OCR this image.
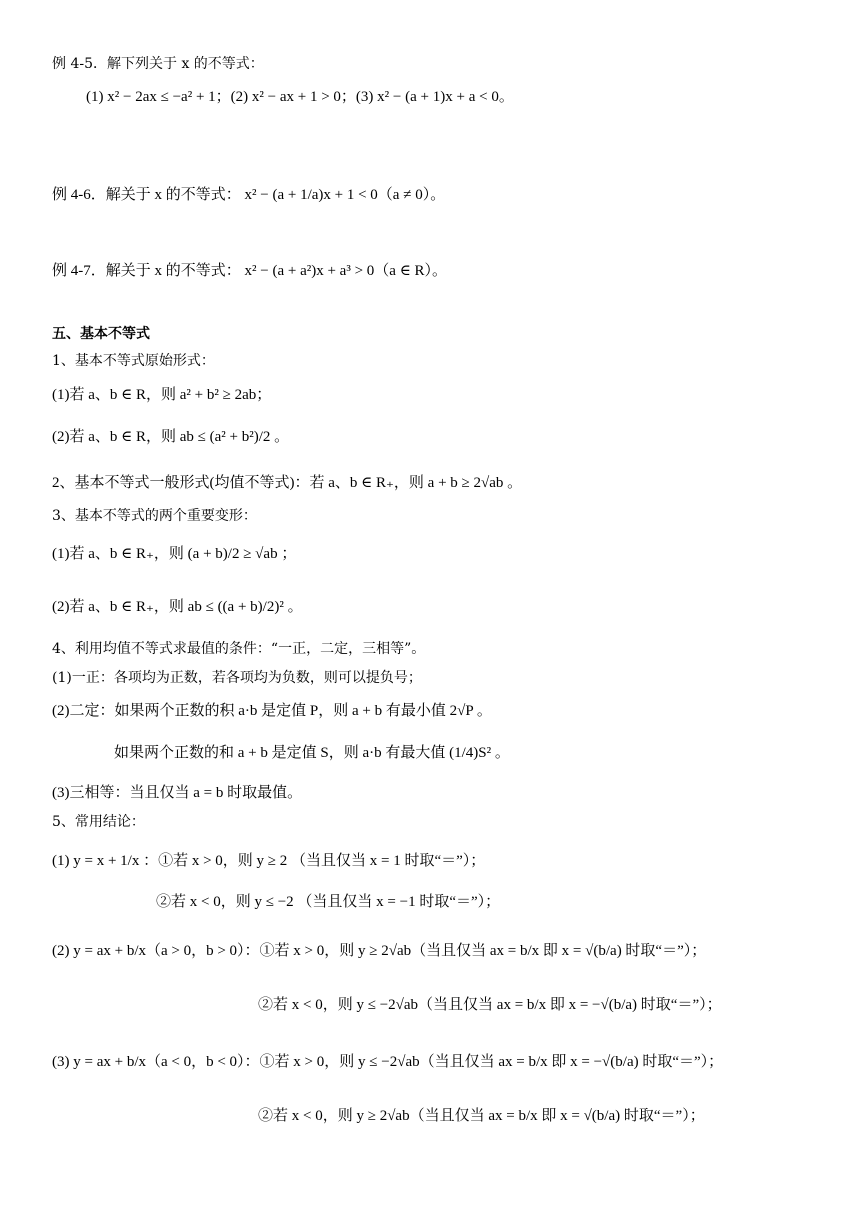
例 4-5．解下列关于 x 的不等式：
(1) x² − 2ax ≤ −a² + 1；(2) x² − ax + 1 > 0；(3) x² − (a + 1)x + a < 0。
例 4-6．解关于 x 的不等式： x² − (a + 1/a)x + 1 < 0（a ≠ 0）。
例 4-7．解关于 x 的不等式： x² − (a + a²)x + a³ > 0（a ∈ R）。
五、基本不等式
1、基本不等式原始形式：
(1)若 a、b ∈ R，则 a² + b² ≥ 2ab；
(2)若 a、b ∈ R，则 ab ≤ (a² + b²)/2 。
2、基本不等式一般形式(均值不等式)：若 a、b ∈ R₊，则 a + b ≥ 2√ab 。
3、基本不等式的两个重要变形：
(1)若 a、b ∈ R₊，则 (a + b)/2 ≥ √ab ；
(2)若 a、b ∈ R₊，则 ab ≤ ((a + b)/2)² 。
4、利用均值不等式求最值的条件：“一正，二定，三相等”。
(1)一正：各项均为正数，若各项均为负数，则可以提负号；
(2)二定：如果两个正数的积 a·b 是定值 P，则 a + b 有最小值 2√P 。
如果两个正数的和 a + b 是定值 S，则 a·b 有最大值 (1/4)S² 。
(3)三相等：当且仅当 a = b 时取最值。
5、常用结论：
(1) y = x + 1/x ：①若 x > 0，则 y ≥ 2 （当且仅当 x = 1 时取“＝”）；
②若 x < 0，则 y ≤ −2 （当且仅当 x = −1 时取“＝”）；
(2) y = ax + b/x（a > 0，b > 0）：①若 x > 0，则 y ≥ 2√ab（当且仅当 ax = b/x 即 x = √(b/a) 时取“＝”）；
②若 x < 0，则 y ≤ −2√ab（当且仅当 ax = b/x 即 x = −√(b/a) 时取“＝”）；
(3) y = ax + b/x（a < 0，b < 0）：①若 x > 0，则 y ≤ −2√ab（当且仅当 ax = b/x 即 x = −√(b/a) 时取“＝”）；
②若 x < 0，则 y ≥ 2√ab（当且仅当 ax = b/x 即 x = √(b/a) 时取“＝”）；
